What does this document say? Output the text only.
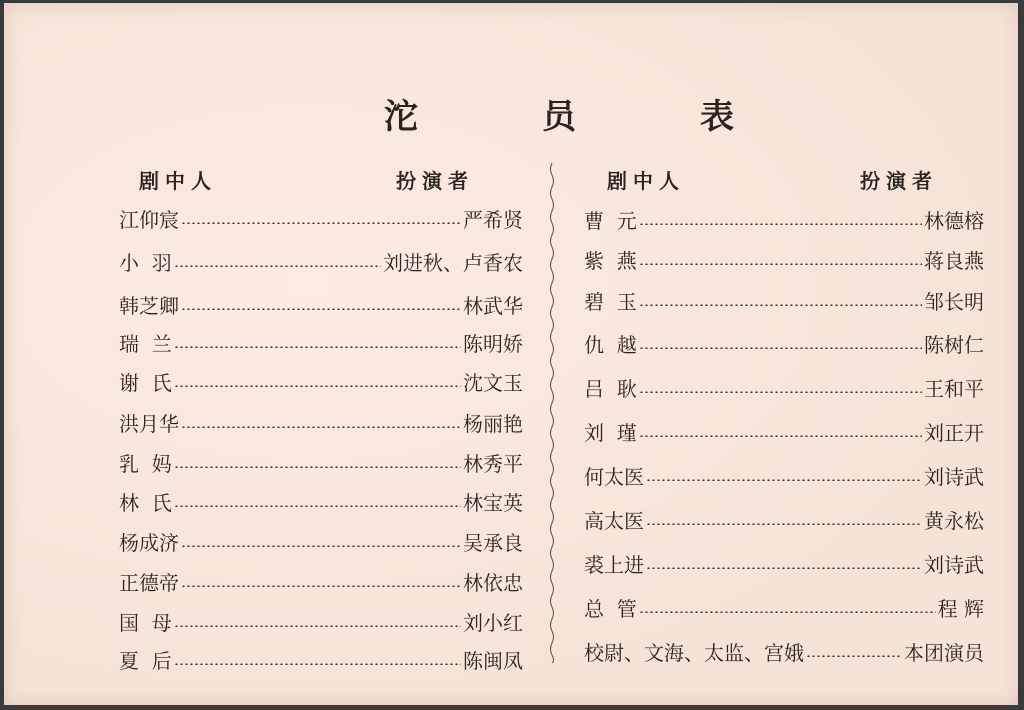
沱	员	表
剧中人	扮演者
江仰宸	严希贤
小  羽	刘进秋、卢香农
韩芝卿	林武华
瑞  兰	陈明娇
谢  氏	沈文玉
洪月华	杨丽艳
乳  妈	林秀平
林  氏	林宝英
杨成济	吴承良
正德帝	林依忠
国  母	刘小红
夏  后	陈闽凤
剧中人	扮演者
曹  元	林德榕
紫  燕	蒋良燕
碧  玉	邹长明
仇  越	陈树仁
吕  耿	王和平
刘  瑾	刘正开
何太医	刘诗武
高太医	黄永松
裘上进	刘诗武
总  管	程 辉
校尉、文海、太监、宫娥	本团演员
